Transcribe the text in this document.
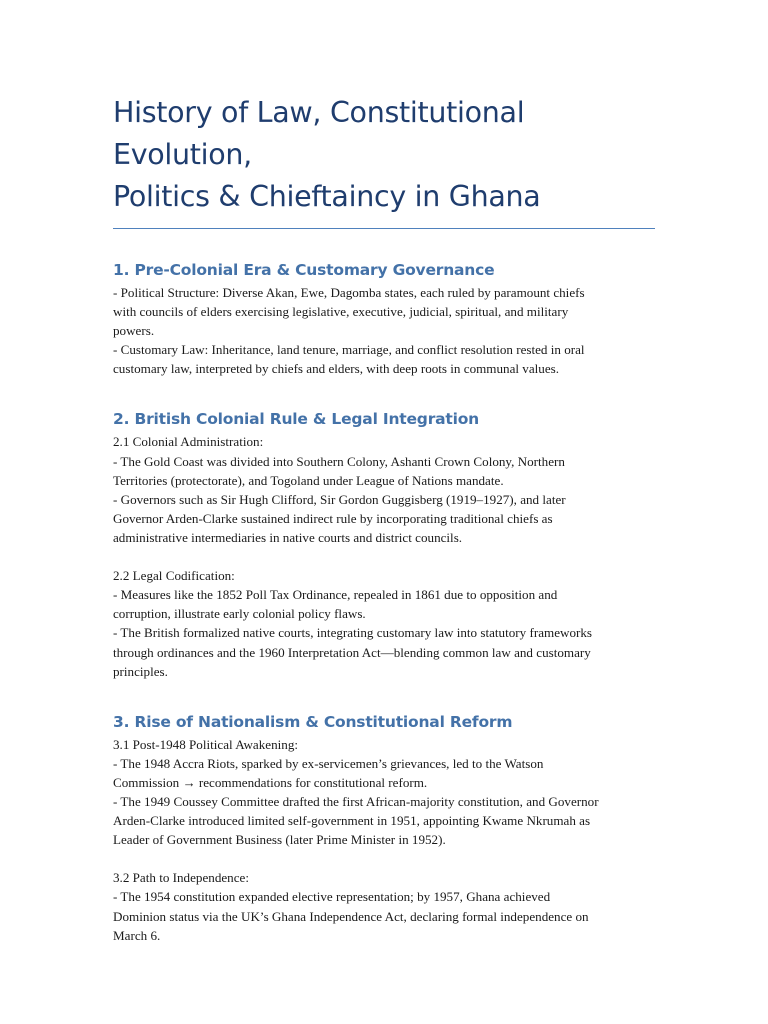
History of Law, Constitutional Evolution,
Politics & Chieftaincy in Ghana
1. Pre-Colonial Era & Customary Governance
- Political Structure: Diverse Akan, Ewe, Dagomba states, each ruled by paramount chiefs
with councils of elders exercising legislative, executive, judicial, spiritual, and military
powers.
- Customary Law: Inheritance, land tenure, marriage, and conflict resolution rested in oral
customary law, interpreted by chiefs and elders, with deep roots in communal values.
2. British Colonial Rule & Legal Integration
2.1 Colonial Administration:
- The Gold Coast was divided into Southern Colony, Ashanti Crown Colony, Northern
Territories (protectorate), and Togoland under League of Nations mandate.
- Governors such as Sir Hugh Clifford, Sir Gordon Guggisberg (1919–1927), and later
Governor Arden-Clarke sustained indirect rule by incorporating traditional chiefs as
administrative intermediaries in native courts and district councils.
2.2 Legal Codification:
- Measures like the 1852 Poll Tax Ordinance, repealed in 1861 due to opposition and
corruption, illustrate early colonial policy flaws.
- The British formalized native courts, integrating customary law into statutory frameworks
through ordinances and the 1960 Interpretation Act—blending common law and customary
principles.
3. Rise of Nationalism & Constitutional Reform
3.1 Post-1948 Political Awakening:
- The 1948 Accra Riots, sparked by ex-servicemen’s grievances, led to the Watson
Commission → recommendations for constitutional reform.
- The 1949 Coussey Committee drafted the first African-majority constitution, and Governor
Arden-Clarke introduced limited self-government in 1951, appointing Kwame Nkrumah as
Leader of Government Business (later Prime Minister in 1952).
3.2 Path to Independence:
- The 1954 constitution expanded elective representation; by 1957, Ghana achieved
Dominion status via the UK’s Ghana Independence Act, declaring formal independence on
March 6.
